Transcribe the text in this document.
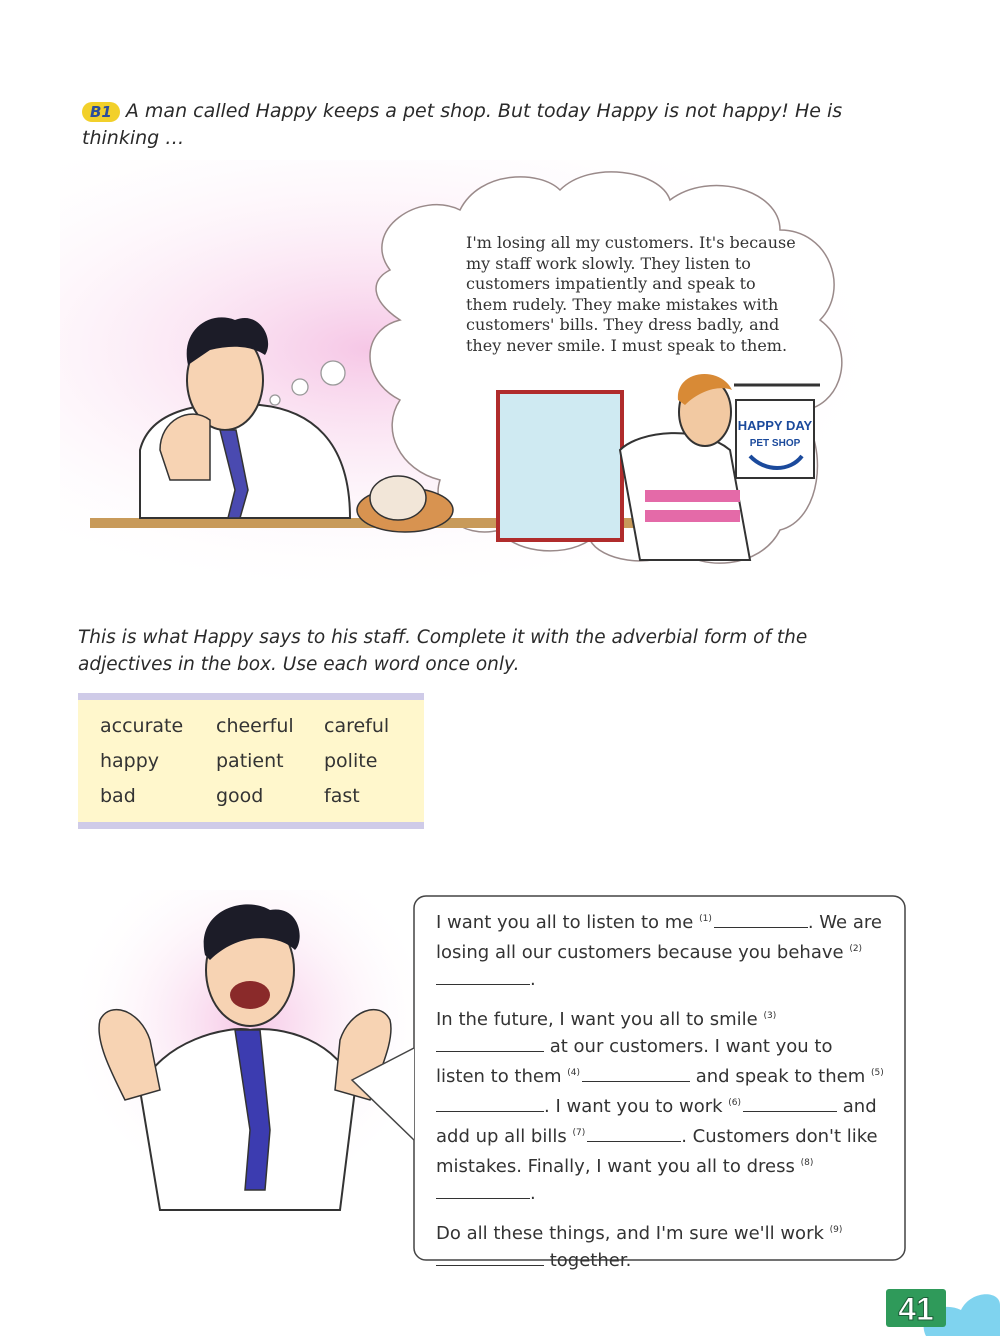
B1 A man called Happy keeps a pet shop. But today Happy is not happy! He is thinking …
HAPPY DAY
PET SHOP
I'm losing all my customers. It's because my staff work slowly. They listen to customers impatiently and speak to them rudely. They make mistakes with customers' bills. They dress badly, and they never smile. I must speak to them.
This is what Happy says to his staff. Complete it with the adverbial form of the adjectives in the box. Use each word once only.
accurate cheerful careful
happy	patient polite
bad	good	fast

I want you all to listen to me $^{(1)}$	. We are losing all our customers because you behave $^{(2)}$.

In the future, I want you all to smile $^{(3)}$ at our customers. I want you to listen to them $^{(4)}$	and speak to them $^{(5)}$. I want you to work $^{(6)}$	and add up all bills $^{(7)}$	. Customers don't like mistakes. Finally, I want you all to dress $^{(8)}$.

Do all these things, and I'm sure we'll work $^{(9)}$ together.

41
